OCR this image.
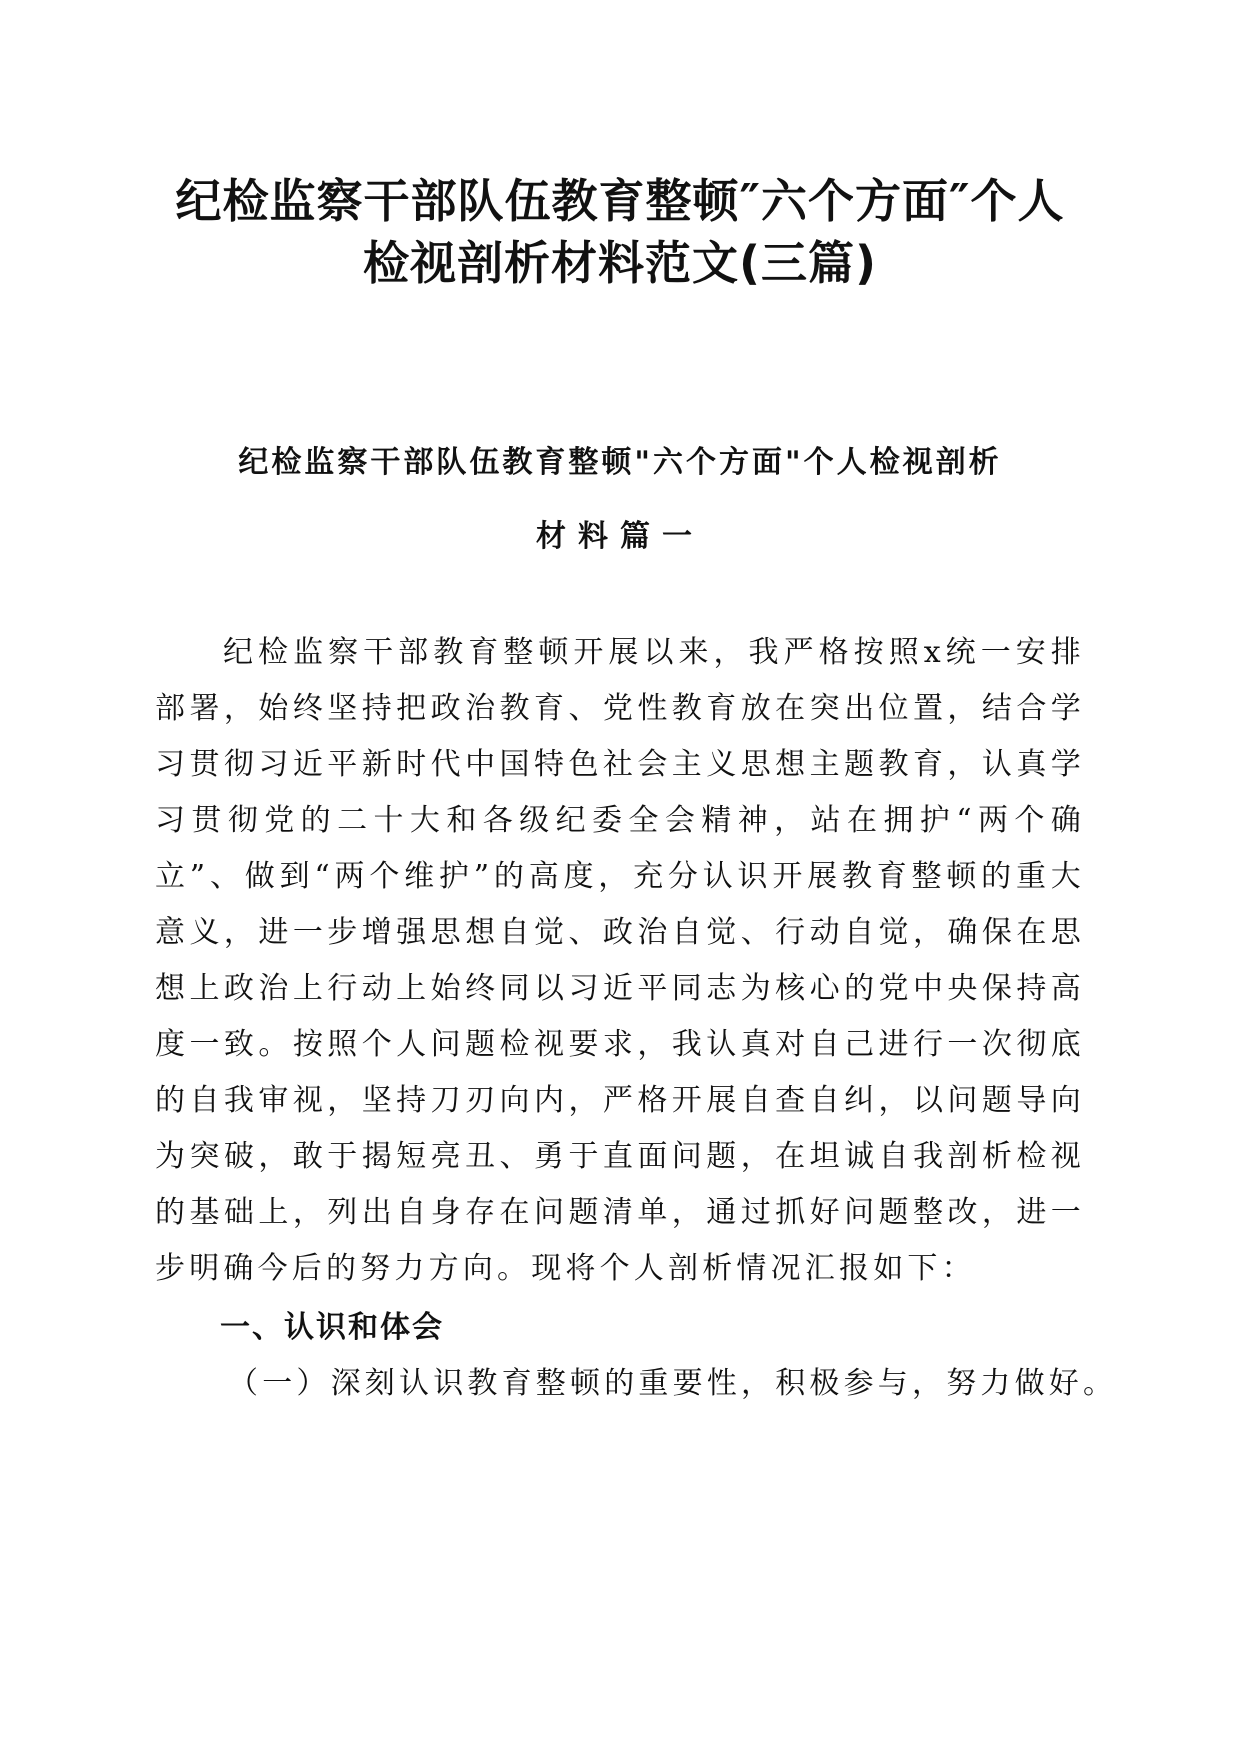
纪检监察干部队伍教育整顿″六个方面″个人
检视剖析材料范文(三篇)
纪检监察干部队伍教育整顿"六个方面"个人检视剖析
材料篇一

纪检监察干部教育整顿开展以来，我严格按照x统一安排部署，始终坚持把政治教育、党性教育放在突出位置，结合学习贯彻习近平新时代中国特色社会主义思想主题教育，认真学习贯彻党的二十大和各级纪委全会精神，站在拥护“两个确立”、做到“两个维护”的高度，充分认识开展教育整顿的重大意义，进一步增强思想自觉、政治自觉、行动自觉，确保在思想上政治上行动上始终同以习近平同志为核心的党中央保持高度一致。按照个人问题检视要求，我认真对自己进行一次彻底的自我审视，坚持刀刃向内，严格开展自查自纠，以问题导向为突破，敢于揭短亮丑、勇于直面问题，在坦诚自我剖析检视的基础上，列出自身存在问题清单，通过抓好问题整改，进一步明确今后的努力方向。现将个人剖析情况汇报如下：

一、认识和体会

（一）深刻认识教育整顿的重要性，积极参与，努力做好。
